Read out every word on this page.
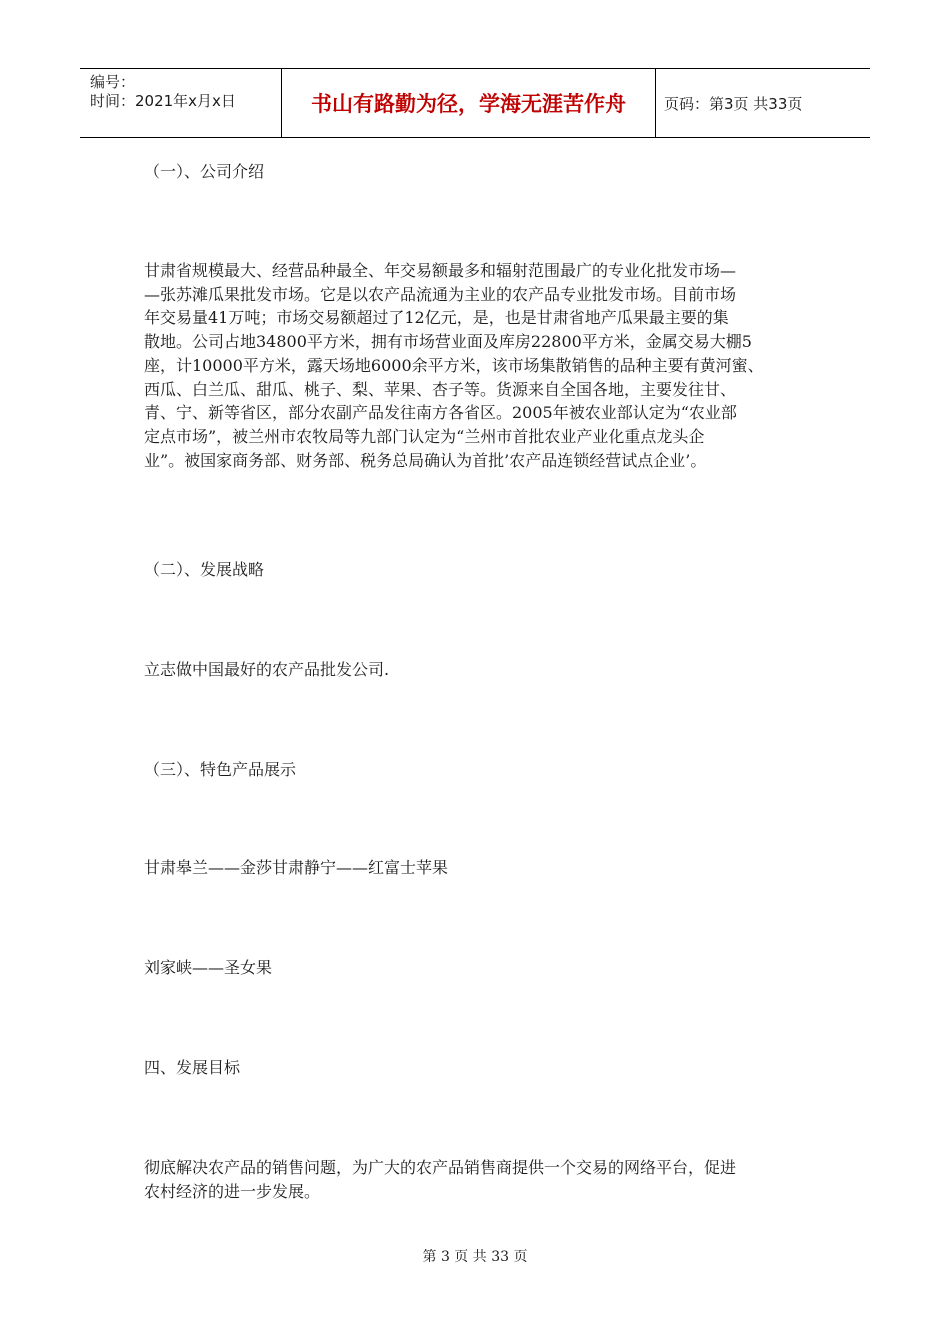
编号：
时间：2021年x月x日	书山有路勤为径，学海无涯苦作舟	页码：第3页 共33页
（一）、公司介绍

甘肃省规模最大、经营品种最全、年交易额最多和辐射范围最广的专业化批发市场—

—张苏滩瓜果批发市场。它是以农产品流通为主业的农产品专业批发市场。目前市场

年交易量41万吨；市场交易额超过了12亿元，是，也是甘肃省地产瓜果最主要的集

散地。公司占地34800平方米，拥有市场营业面及库房22800平方米，金属交易大棚5

座，计10000平方米，露天场地6000余平方米，该市场集散销售的品种主要有黄河蜜、

西瓜、白兰瓜、甜瓜、桃子、梨、苹果、杏子等。货源来自全国各地，主要发往甘、

青、宁、新等省区，部分农副产品发往南方各省区。2005年被农业部认定为“农业部

定点市场”，被兰州市农牧局等九部门认定为“兰州市首批农业产业化重点龙头企

业”。被国家商务部、财务部、税务总局确认为首批’农产品连锁经营试点企业’。

（二）、发展战略
立志做中国最好的农产品批发公司.
（三）、特色产品展示
甘肃皋兰——金莎甘肃静宁——红富士苹果
刘家峡——圣女果
四、发展目标

彻底解决农产品的销售问题，为广大的农产品销售商提供一个交易的网络平台，促进

农村经济的进一步发展。

第 3 页 共 33 页
